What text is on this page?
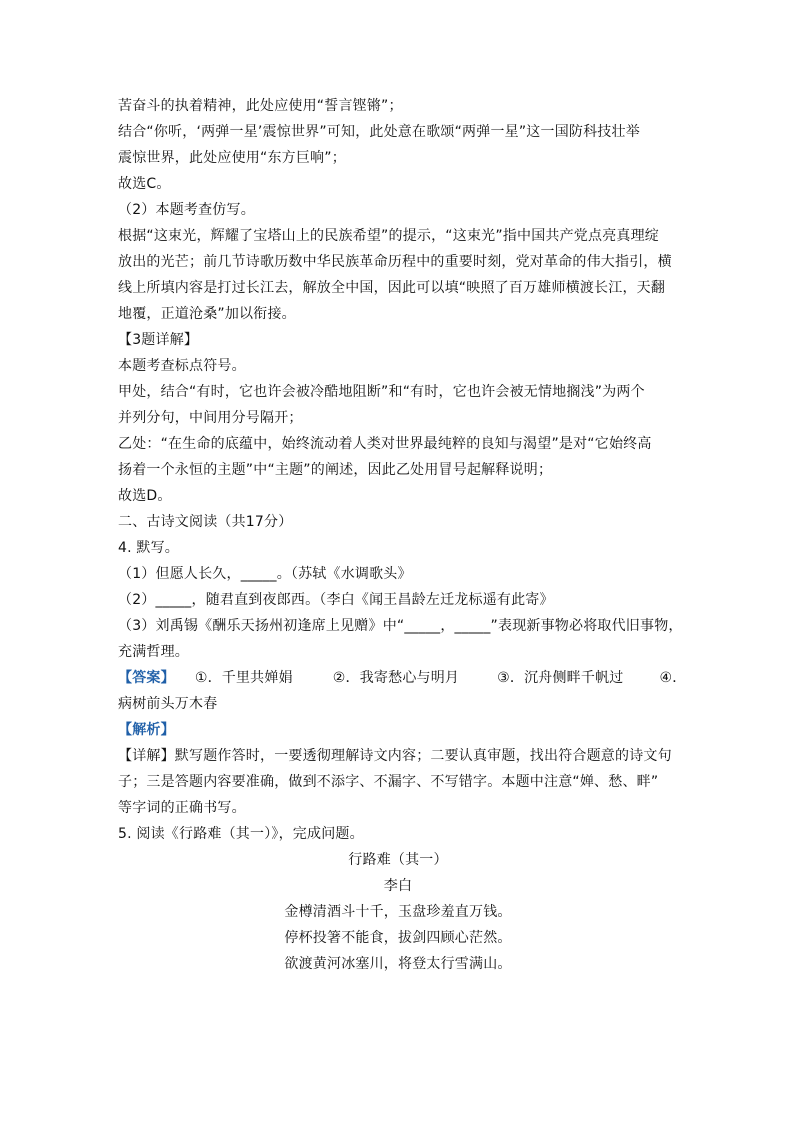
苦奋斗的执着精神，此处应使用“誓言铿锵”；
结合“你听，‘两弹一星’震惊世界”可知，此处意在歌颂“两弹一星”这一国防科技壮举
震惊世界，此处应使用“东方巨响”；
故选C。
（2）本题考查仿写。
根据“这束光，辉耀了宝塔山上的民族希望”的提示，“这束光”指中国共产党点亮真理绽
放出的光芒；前几节诗歌历数中华民族革命历程中的重要时刻，党对革命的伟大指引，横
线上所填内容是打过长江去，解放全中国，因此可以填“映照了百万雄师横渡长江，天翻
地覆，正道沧桑”加以衔接。
【3题详解】
本题考查标点符号。
甲处，结合“有时，它也许会被冷酷地阻断”和“有时，它也许会被无情地搁浅”为两个
并列分句，中间用分号隔开；
乙处：“在生命的底蕴中，始终流动着人类对世界最纯粹的良知与渴望”是对“它始终高
扬着一个永恒的主题”中“主题”的阐述，因此乙处用冒号起解释说明；
故选D。
二、古诗文阅读（共17分）
4. 默写。
（1）但愿人长久，_____。（苏轼《水调歌头》
（2）_____，随君直到夜郎西。（李白《闻王昌龄左迁龙标遥有此寄》
（3）刘禹锡《酬乐天扬州初逢席上见赠》中“_____，_____”表现新事物必将取代旧事物，
充满哲理。
【答案】 ①．千里共婵娟	②．我寄愁心与明月	③．沉舟侧畔千帆过	④．
病树前头万木春
【解析】
【详解】默写题作答时，一要透彻理解诗文内容；二要认真审题，找出符合题意的诗文句
子；三是答题内容要准确，做到不添字、不漏字、不写错字。本题中注意“婵、愁、畔”
等字词的正确书写。
5. 阅读《行路难（其一）》，完成问题。
行路难（其一）
李白
金樽清酒斗十千，玉盘珍羞直万钱。
停杯投箸不能食，拔剑四顾心茫然。
欲渡黄河冰塞川，将登太行雪满山。
